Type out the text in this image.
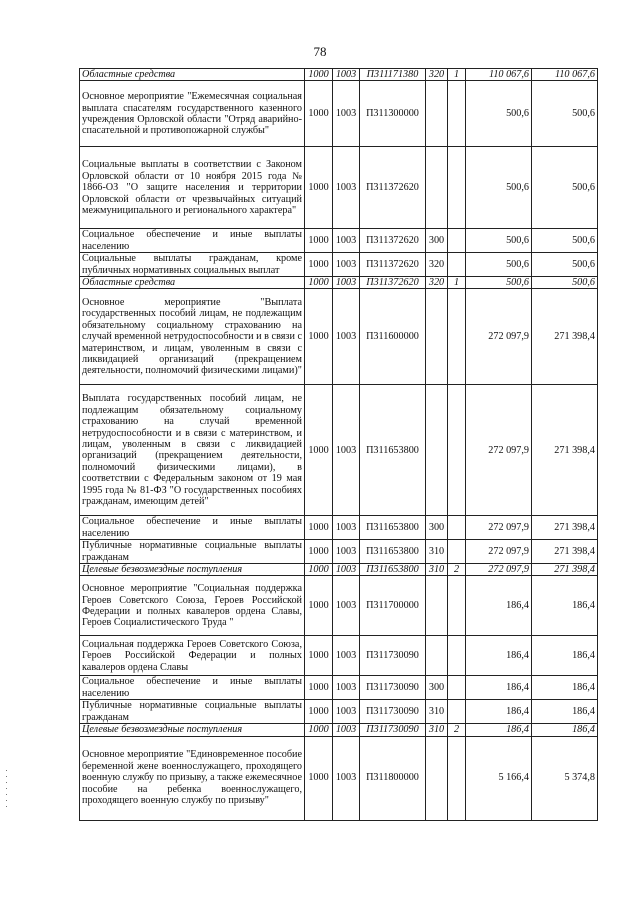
78
Областные средства	1000	1003	П311171380	320	1	110 067,6	110 067,6
Основное мероприятие "Ежемесячная социальная выплата спасателям государственного казенного учреждения Орловской области "Отряд аварийно-спасательной и противопожарной службы"	1000	1003	П311300000			500,6	500,6
Социальные выплаты в соответствии с Законом Орловской области от 10 ноября 2015 года № 1866-ОЗ "О защите населения и территории Орловской области от чрезвычайных ситуаций межмуниципального и регионального характера"	1000	1003	П311372620			500,6	500,6
Социальное обеспечение и иные выплаты населению	1000	1003	П311372620	300		500,6	500,6
Социальные выплаты гражданам, кроме публичных нормативных социальных выплат	1000	1003	П311372620	320		500,6	500,6
Областные средства	1000	1003	П311372620	320	1	500,6	500,6
Основное мероприятие "Выплата государственных пособий лицам, не подлежащим обязательному социальному страхованию на случай временной нетрудоспособности и в связи с материнством, и лицам, уволенным в связи с ликвидацией организаций (прекращением деятельности, полномочий физическими лицами)"	1000	1003	П311600000			272 097,9	271 398,4
Выплата государственных пособий лицам, не подлежащим обязательному социальному страхованию на случай временной нетрудоспособности и в связи с материнством, и лицам, уволенным в связи с ликвидацией организаций (прекращением деятельности, полномочий физическими лицами), в соответствии с Федеральным законом от 19 мая 1995 года № 81-ФЗ "О государственных пособиях гражданам, имеющим детей"	1000	1003	П311653800			272 097,9	271 398,4
Социальное обеспечение и иные выплаты населению	1000	1003	П311653800	300		272 097,9	271 398,4
Публичные нормативные социальные выплаты гражданам	1000	1003	П311653800	310		272 097,9	271 398,4
Целевые безвозмездные поступления	1000	1003	П311653800	310	2	272 097,9	271 398,4
Основное мероприятие "Социальная поддержка Героев Советского Союза, Героев Российской Федерации и полных кавалеров ордена Славы, Героев Социалистического Труда "	1000	1003	П311700000			186,4	186,4
Социальная поддержка Героев Советского Союза, Героев Российской Федерации и полных кавалеров ордена Славы	1000	1003	П311730090			186,4	186,4
Социальное обеспечение и иные выплаты населению	1000	1003	П311730090	300		186,4	186,4
Публичные нормативные социальные выплаты гражданам	1000	1003	П311730090	310		186,4	186,4
Целевые безвозмездные поступления	1000	1003	П311730090	310	2	186,4	186,4
Основное мероприятие "Единовременное пособие беременной жене военнослужащего, проходящего военную службу по призыву, а также ежемесячное пособие на ребенка военнослужащего, проходящего военную службу по призыву"	1000	1003	П311800000			5 166,4	5 374,8
